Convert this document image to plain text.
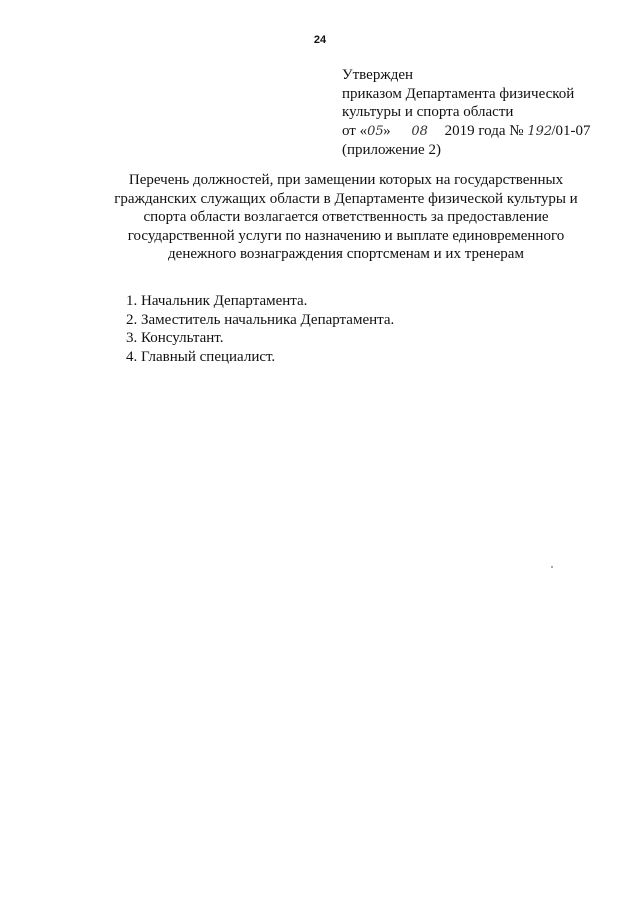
24
Утвержден
приказом Департамента физической
культуры и спорта области
от «05» 08 2019 года № 192/01-07
(приложение 2)
Перечень должностей, при замещении которых на государственных
гражданских служащих области в Департаменте физической культуры и
спорта области возлагается ответственность за предоставление
государственной услуги по назначению и выплате единовременного
денежного вознаграждения спортсменам и их тренерам
1. Начальник Департамента.
2. Заместитель начальника Департамента.
3. Консультант.
4. Главный специалист.
